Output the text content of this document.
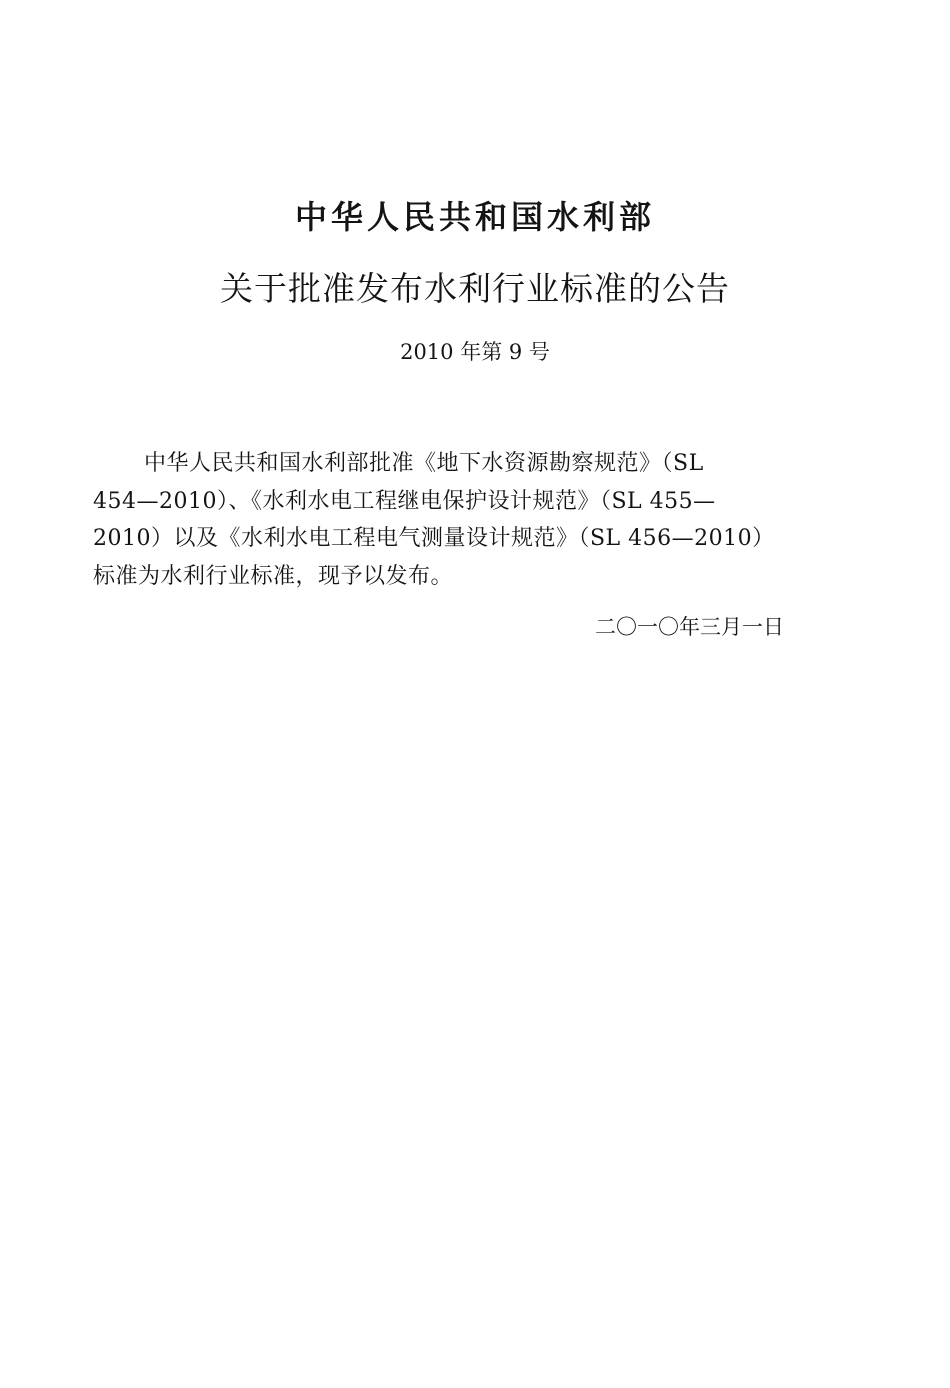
中华人民共和国水利部
关于批准发布水利行业标准的公告
2010 年第 9 号

中华人民共和国水利部批准《地下水资源勘察规范》（SL
454—2010）、《水利水电工程继电保护设计规范》（SL 455—
2010）以及《水利水电工程电气测量设计规范》（SL 456—2010）
标准为水利行业标准，现予以发布。

二〇一〇年三月一日
